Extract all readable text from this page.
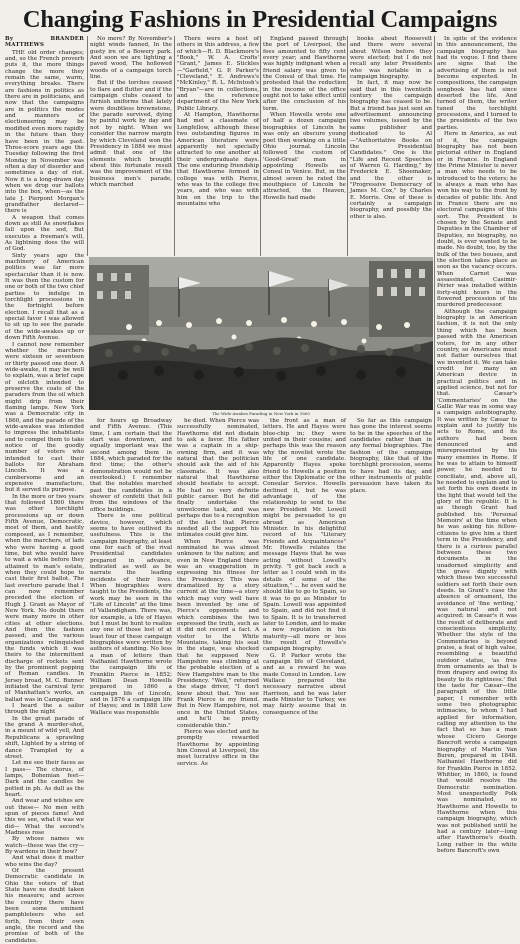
Changing Fashions in Presidential Campaigns

By BRANDER MATTHEWS

THE old order changes; and, so the French proverb puts it, the more things change the more they remain the same, warm, everything breaks. There are fashions in politics as there are in politicians, and now that the campaigns are in politics the modes and manners of electioneering may be modified even more rapidly in the future than they have been in the past. Three-score years ago the Tuesday following the first Monday in November was often a day of disorder and sometimes a day of riot. Now it is a long-drawn day when we drop our ballots into the box, when—as the late J. Pierpont Morgan's grandfather declared—there is

A weapon that comes down as still As snowflakes fall upon the sod, But executes a freeman's will, As lightning does the will of God.

Sixty years ago the machinery of American politics was far more spectacular than it is now. It was then the custom for one or both of the two chief parties to indulge in torchlight processions in the fortnight before election. I recall that as a special favor I was allowed to sit up to see the parade of the wide-awakes up or down Fifth Avenue.

I cannot now remember whether the marchers were sixteen or seventeen or thirty passed one door. A wide-awake, it may be well to explain, was a brief cape of oilcloth intended to preserve the coats of the paraders from the oil which might drip from their flaming lamps. New York was a Democratic city in 1860, and the parade of the wide-awakes was intended to impress the inhabitants and to compel them to take notice of the goodly number of voters who intended to cast their ballots for Abraham Lincoln. It was a cumbersome and an expensive manufacture, but it served its purpose.

In the more or two years that followed 1860 there was other torchlight processions up or down Fifth Avenue, Democratic, most of them, and hastily composed, as I remember, when the marchers, of lads who were having a good time, but who would have to wait a while before they attained to man's estate, when they could hope to cast their first ballot. The last overture parade that I can now remember preceded the election of Hugh J. Grant as Mayor of New York. No doubt there were many more in other cities at other elections. And then the fashion passed; and the various organizations relinquished the funds which it was theirs to the intermittent discharge of rockets sent by the prominent popping of Roman candles. In Jersey broad, M. C. Bunner initiated the carnival lyric of Manhattan's works, an ballad was in Campaign:

I heard the a sailor through the night

In the great parade of the grand A murder-shot, in a mount of wild yell, And Republicans a sprawling shift, Lighted by a string of dance Trampled by a street.

Let me see their faces as I pass— The chorus, of lamps, Bohemian feet— Dark and the candles be potted in ph. As dull as the heart.

And wear and wishes are out these— No men with spun of pieces fame! And this we see, what it was we did— What the second's Madness rose

By whose names we watch—these was the cry— By wardens in their bow?

And what does it matter who wins the day?

Of the present Democratic candidate in Ohio the voters of that State have no doubt taken his measure; and across the country there have been some eminent pamphleteers who set forth, from their own angle, the record and the promise of both of the candidates.

No mere? By November's night winds fanned, In the gusty ire of a Bowery park. And soon we are lighting a paved wood, The hollowed woods of a campaign torch line.

But if the torches ceased to flare and flutter and if the campaign clubs ceased to furnish uniforms that lately were doubtless brownstone, the parade survived, dying by painful work by day and not by night. When we consider the narrow margin by which Cleveland won the Presidency in 1884 we must admit that one of the elements which brought about this fortunate result was the improvement of the business men's parade, which marched

There were a host of others in this address, a few of which—R. D. Blackmore's "Book," W. A. Crofts' "Grant," James E. Stickles—"Garfield," G. P. Parker's "Cleveland," E. Andrews's "McKinley," R. L. McIntosh's "Bryan"—are in collections, and the reference department of the New York Public Library.

At Hampton, Hawthorne had met a classmate of Longfellow, although these two outstanding figures in American literature were apparently not specially attracted to one another at their undergraduate days. The one enduring friendship that Hawthorne formed in college was with Pierce, who was to the college five years, and who was with him on the trip to the mountains who

England passed through the port of Liverpool, the fees amounted to fifty cent every year; and Hawthorne was highly indignant when a friend salary was given to the Consul of that time. He protested that the reduction in the income of the office ought not to take effect until after the conclusion of his term.

When Howells wrote one of half a dozen campaign biographies of Lincoln he was only an obscure young poet then working on a little Ohio journal. Lincoln followed the custom of 'Good-Great' man in appointing Howells as Consul in Venice. But, in the almost seven he rated the mouthpiece of Lincoln he attracted, the Heaven, Howells had made

books about Roosevelt and there were several about Wilson before they were elected; but I do not recall any later Presidents who was notable in a campaign biography.

In fact, it may now be said that in this twentieth century the campaign biography has ceased to be. But a friend has just sent an advertisement announcing two volumes, issued by the same publisher and dedicated to Al—"Authoritative Books on the Presidential Candidates." One is the "Life and Recent Speeches of Warren G. Harding," by Frederick E. Shoemaker, and the other is "Progressive Democracy of James M. Cox," by Charles E. Morris. One of these is certainly a campaign biography, and possibly the other is also.

In spite of the evidence in this announcement, the campaign biography has had its vogue. I find there are signs that the advertising of them is not become expected. In compositions, the campaign songbook has had since deserted the life. And turned of them, the writer tuned the torchlight processions, and I turned to the presidents of the two parties.

Here in America, as out of it, the campaign biography has not been pictorial either in England or in France. In England the Prime Minister is never a man who needs to be introduced to the voters; he is always a man who has won his way to the front by decades of public life. And in France there are no electoral campaigns of this sort. The President is chosen by the Senate and Deputies in the Chamber of Deputies, no biography, no doubt, is ever wanted to be made. No doubt, too, by the bulk of the two houses, and the election takes place as soon as the vacancy occurs. When Carnot was assassinated, Casimir-Périer was installed within forty-eight hours in the flowered procession of his murdered predecessor.

Although the campaign biography is an American fashion, it is not the only thing which has been passed with the American voters, for in any other country, so Americans must not flatter ourselves that we invented it. We can take credit for many an American device in practical politics and in applied science, but not for that. Cæsar's 'Commentaries' on the Gallic War was in some way a campaign autobiography. It was written by Cæsar to explain and to justify his acts to Rome, and its authors had been denounced and misrepresented by his many enemies in Rome. If he was to attain to himself power, he needed to conciliate, and, above all, he needed to explain and to set forth his own deeds in the light that would tell the glory of the republic. It is as though Grant had published his 'Personal Memoirs' at the time when he was asking his fellow-citizens to give him a third term in the Presidency, and there is a curious parallel between these two documents in the unadorned simplicity and the grave dignity with which these two successful soldiers set forth their own deeds. In Grant's case the absence of ornament, the avoidance of 'fine writing,' was natural and not acquired; in Cæsar's it was the result of deliberate and conscientious simplicity. Whether the style of the Commentaries is beyond praise, a feat of high value, resembling a beautiful outdoor statue, 'as free from ornaments as that is from drapery and owing its beauty to its rightness.' But the taste for Cæsar—the paragraph of this little paper, I remember with some two photographic intimacies, to whom I had applied for information, calling my attention to the fact that so has a man whose Cicero George Bancroft wrote a campaign biography of Martin Van Buren, prepared in 1848. Nathaniel Hawthorne did for Franklin Pierce in 1852. Whittier, in 1860, is found that would resolve the Democratic nomination. Most unexpectedly Polk was nominated, so Hawthorne and Howells to Hawthorne when this campaign biography, which was not published until he had a century later—long after Hawthorne's death. Long rather in the white before Bancroft's own

The Wide-Awakes Parading in New York in 1860

for hours up Broadway and Fifth Avenue. (This time, I am certain that the start was downtown, and equally important was the second among them in 1884, which paraded for the first time; the other's demonstration would not be overlooked.) I remember that the notables marched past the candidates in a shower of confetti that fell from the windows of the office buildings.

There is one political device, however, which seems to have outlived its usefulness. This is the campaign biography, at least one for each of the rival Presidential candidates prepared in advance, indicated as well as be narrate the leading incidents of their lives. When biographies were taught to the Presidents, the work may be seen in the "Life of Lincoln" at the time of Vallandigham. There was, for example, a life of Hayes but I must be hunt to realize any one of those lost of at least four of these campaign biographies were written by authors of standing. No less a man of letters than Nathaniel Hawthorne wrote the campaign life of Franklin Pierce in 1852; William Dean Howells prepared in 1860 a campaign life of Lincoln, and in 1876 a campaign life of Hayes; and in 1888 Lew Wallace was responsible

he died. When Pierce was successfully nominated, Hawthorne did not disdain to ask a favor. His father was a captain in a ship-owning firm, and it was natural that the politician should ask the aid of his classmate. It was also natural that Hawthorne should hesitate to accept. He had no very definite public career. But he did finally undertake the unwelcome task, and was perhaps due to a recognition of the fact that Pierce needed all the support his intimates could give him.

When Pierce was nominated he was almost unknown to the nation; and even in New England there was an exaggeration in expressing his fitness for the Presidency. This was dramatized by a story current at the time—a story which may very well have been invented by one of Pierce's opponents and which combines the two expressed the truth, such as it did not record a fact. A visitor to the White Mountains, taking his seat in the stage, was shocked that he supposed New Hampshire was climbing at the probable election of a New Hampshire man to the Presidency. "Well," returned the stage driver, "I don't know about that. You see Frank Pierce is my friend. But in New Hampshire, not once in the United States, and he'll be pretty considerable thin."

Pierce was elected and he promptly rewarded Hawthorne by appointing him Consul at Liverpool, the most lucrative office in the service. As

the front as a man of letters. He and Hayes were blue-chip in; they were united in their cousins; and perhaps this was the reason why the novelist wrote the life of one candidate. Apparently Hayes spoke friend to Howells a position either the Diplomatic or the Consular Service. Howells declined it, but he was advantage of the relationship to send to the new President Mr. Lowell might be persuaded to go abroad as American Minister. In his delightful record of his "Literary Friends and Acquaintances" Mr. Howells relates the message Hayes that he was acting without Lowell's privity. "I got back such a letter as I could wish in its details of some of the situation," ... he even said he should like to go to Spain, so it was to go as Minister to Spain. Lowell was appointed to Spain, and did not find it to Spain. It is to transferred later to London, and to make a new reputation in his maturity—all more or less the result of Howells's campaign biography.

G. P. Parker wrote the campaign life of Cleveland, and as a reward he was made Consul in London. Lew Wallace prepared the necessary narrative about Harrison, and he was later made Minister to Turkey, we may fairly assume that in consequence of the

So far as this campaign has gone the interest seems to be in the speeches of the candidates rather than in any formal biographies. The fashion of the campaign biography, like that of the torchlight procession, seems to have had its day, and other instruments of public persuasion have taken its place.
